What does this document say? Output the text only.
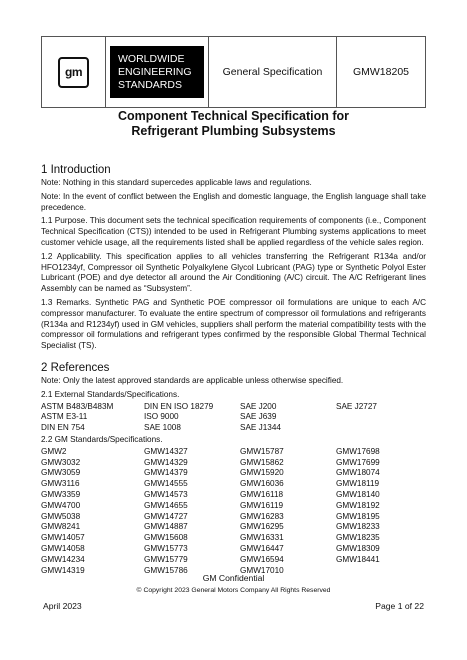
gm
WORLDWIDE
ENGINEERING
STANDARDS
General Specification	GMW18205
Component Technical Specification for
Refrigerant Plumbing Subsystems
1 Introduction
Note: Nothing in this standard supercedes applicable laws and regulations.
Note: In the event of conflict between the English and domestic language, the English language shall take precedence.
1.1 Purpose. This document sets the technical specification requirements of components (i.e., Component Technical Specification (CTS)) intended to be used in Refrigerant Plumbing systems applications to meet customer vehicle usage, all the requirements listed shall be applied regardless of the vehicle sales region.
1.2 Applicability. This specification applies to all vehicles transferring the Refrigerant R134a and/or HFO1234yf, Compressor oil Synthetic Polyalkylene Glycol Lubricant (PAG) type or Synthetic Polyol Ester Lubricant (POE) and dye detector all around the Air Conditioning (A/C) circuit. The A/C Refrigerant lines Assembly can be named as “Subsystem”.
1.3 Remarks. Synthetic PAG and Synthetic POE compressor oil formulations are unique to each A/C compressor manufacturer. To evaluate the entire spectrum of compressor oil formulations and refrigerants (R134a and R1234yf) used in GM vehicles, suppliers shall perform the material compatibility tests with the compressor oil formulations and refrigerant types confirmed by the responsible Global Thermal Technical Specialist (TS).
2 References
Note: Only the latest approved standards are applicable unless otherwise specified.
2.1 External Standards/Specifications.
ASTM B483/B483M	DIN EN ISO 18279	SAE J200	SAE J2727
ASTM E3-11	ISO 9000	SAE J639
DIN EN 754	SAE 1008	SAE J1344
2.2 GM Standards/Specifications.
GMW2	GMW14327	GMW15787	GMW17698
GMW3032	GMW14329	GMW15862	GMW17699
GMW3059	GMW14379	GMW15920	GMW18074
GMW3116	GMW14555	GMW16036	GMW18119
GMW3359	GMW14573	GMW16118	GMW18140
GMW4700	GMW14655	GMW16119	GMW18192
GMW5038	GMW14727	GMW16283	GMW18195
GMW8241	GMW14887	GMW16295	GMW18233
GMW14057	GMW15608	GMW16331	GMW18235
GMW14058	GMW15773	GMW16447	GMW18309
GMW14234	GMW15779	GMW16594	GMW18441
GMW14319	GMW15786	GMW17010
GM Confidential
© Copyright 2023 General Motors Company All Rights Reserved
April 2023	Page 1 of 22
